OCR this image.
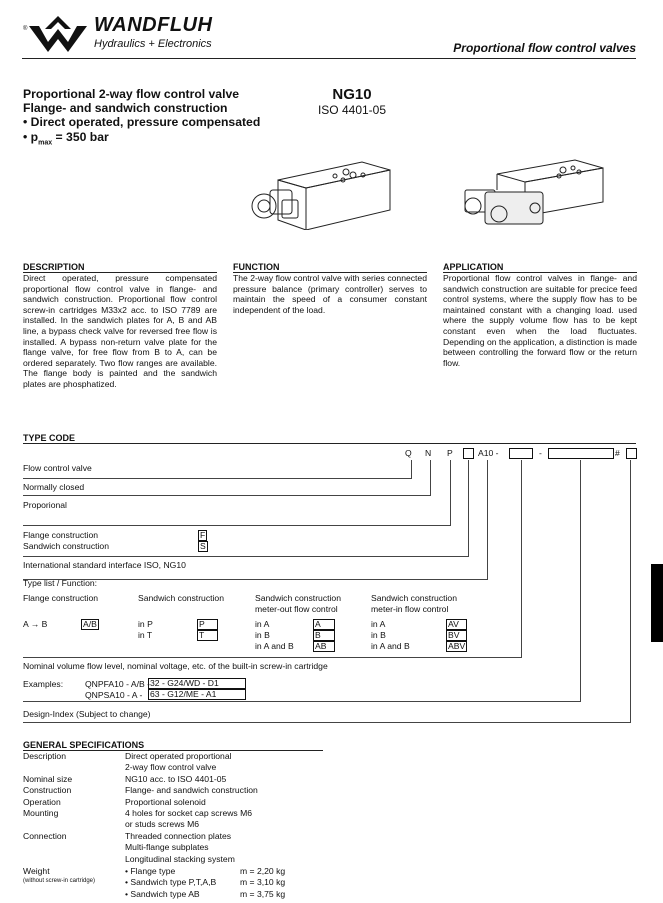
®	WANDFLUH
Hydraulics + Electronics	Proportional flow control valves
Proportional 2-way flow control valve
Flange- and sandwich construction
• Direct operated, pressure compensated
• $p_{max} = 350$ bar
NG10
ISO 4401-05
DESCRIPTION
Direct operated, pressure compensated proportional flow control valve in flange- and sandwich construction. Proportional flow control screw-in cartridges M33x2 acc. to ISO 7789 are installed. In the sandwich plates for A, B and AB line, a bypass check valve for reversed free flow is installed. A bypass non-return valve plate for the flange valve, for free flow from B to A, can be ordered separately. Two flow ranges are available. The flange body is painted and the sandwich plates are phosphatized.
FUNCTION
The 2-way flow control valve with series connected pressure balance (primary controller) serves to maintain the speed of a consumer constant independent of the load.
APPLICATION
Proportional flow control valves in flange- and sandwich construction are suitable for precice feed control systems, where the supply flow has to be maintained constant with a changing load. used where the supply volume flow has to be kept constant even when the load fluctuates. Depending on the application, a distinction is made between controlling the forward flow or the return flow.
TYPE CODE
Q N P	A10 -	-	#
Flow control valve
Normally closed
Proporional
Flange construction	F
Sandwich construction	S
International standard interface ISO, NG10
Type list / Function:
Flange construction
A → B	A/B
Sandwich construction
in P	P
in T	T
Sandwich construction
meter-out flow control
in A	A
in B	B
in A and B AB
Sandwich construction
meter-in flow control
in A	AV
in B	BV
in A and B	ABV
Nominal volume flow level, nominal voltage, etc. of the built-in screw-in cartridge
Examples:	QNPFA10 - A/B - 32 - G24/WD - D1
QNPSA10 - A - 63 - G12/ME - A1
Design-Index (Subject to change)
GENERAL SPECIFICATIONS
Description	Direct operated proportional
2-way flow control valve
Nominal size	NG10 acc. to ISO 4401-05
Construction	Flange- and sandwich construction
Operation	Proportional solenoid
Mounting	4 holes for socket cap screws M6
or studs screws M6
Connection	Threaded connection plates
Multi-flange subplates
Longitudinal stacking system
Weight
(without screw-in cartridge)
• Flange type	m = 2,20 kg
• Sandwich type P,T,A,B	m = 3,10 kg
• Sandwich type AB	m = 3,75 kg
